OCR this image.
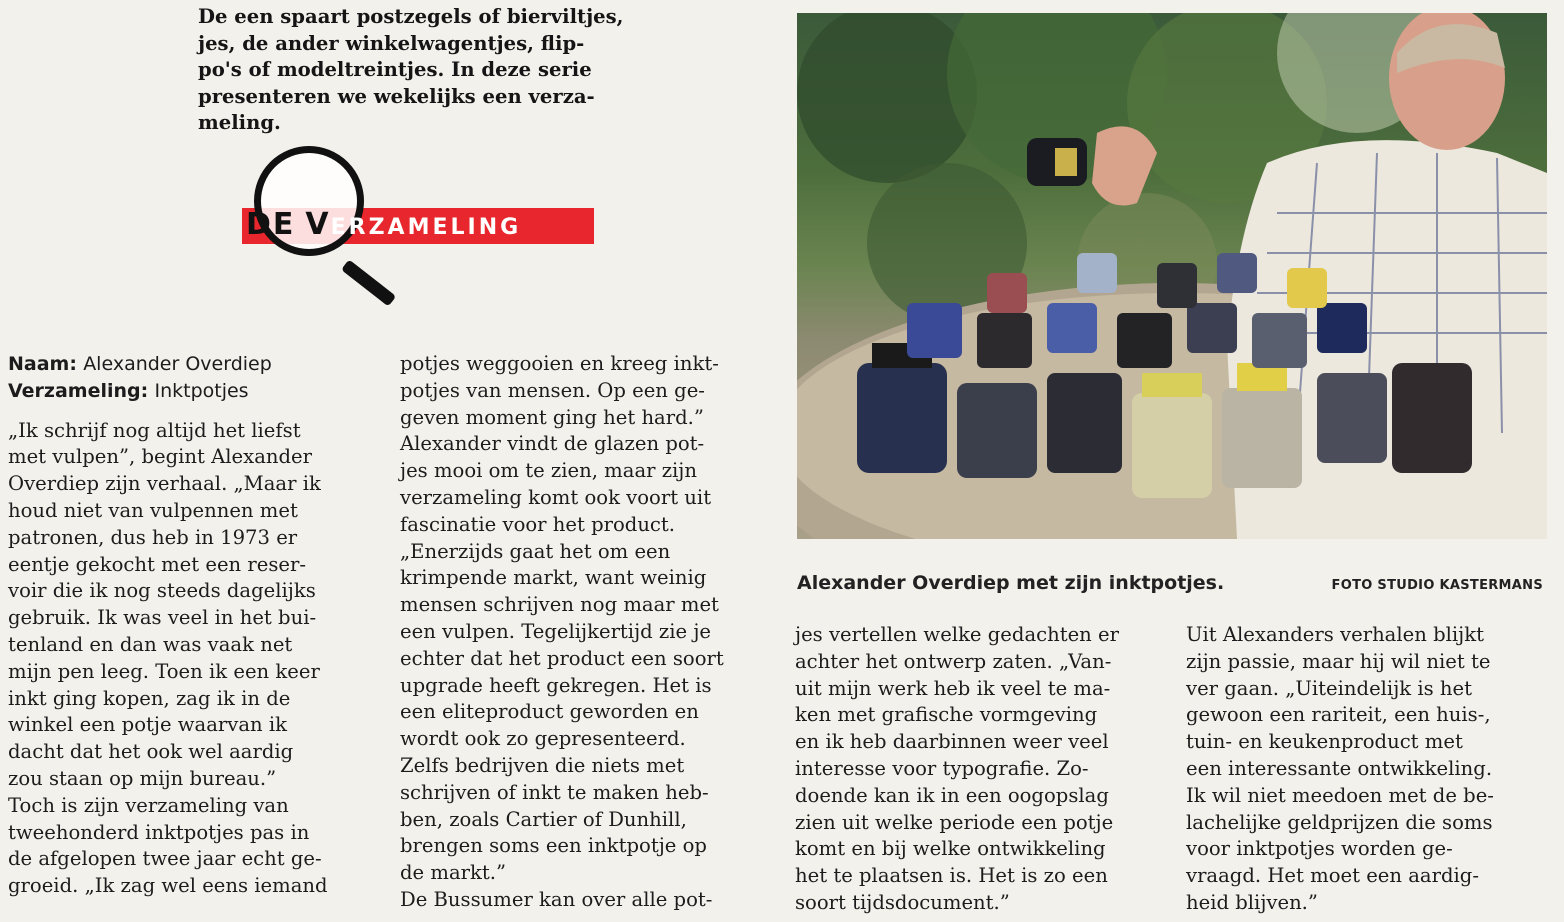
De een spaart postzegels of bierviltjes,
jes, de ander winkelwagentjes, flip-
po's of modeltreintjes. In deze serie
presenteren we wekelijks een verza-
meling.
DE VERZAMELING
Alexander Overdiep met zijn inktpotjes.	FOTO STUDIO KASTERMANS
Naam: Alexander Overdiep
Verzameling: Inktpotjes
„Ik schrijf nog altijd het liefst
met vulpen”, begint Alexander
Overdiep zijn verhaal. „Maar ik
houd niet van vulpennen met
patronen, dus heb in 1973 er
eentje gekocht met een reser-
voir die ik nog steeds dagelijks
gebruik. Ik was veel in het bui-
tenland en dan was vaak net
mijn pen leeg. Toen ik een keer
inkt ging kopen, zag ik in de
winkel een potje waarvan ik
dacht dat het ook wel aardig
zou staan op mijn bureau.”
Toch is zijn verzameling van
tweehonderd inktpotjes pas in
de afgelopen twee jaar echt ge-
groeid. „Ik zag wel eens iemand
potjes weggooien en kreeg inkt-
potjes van mensen. Op een ge-
geven moment ging het hard.”
Alexander vindt de glazen pot-
jes mooi om te zien, maar zijn
verzameling komt ook voort uit
fascinatie voor het product.
„Enerzijds gaat het om een
krimpende markt, want weinig
mensen schrijven nog maar met
een vulpen. Tegelijkertijd zie je
echter dat het product een soort
upgrade heeft gekregen. Het is
een eliteproduct geworden en
wordt ook zo gepresenteerd.
Zelfs bedrijven die niets met
schrijven of inkt te maken heb-
ben, zoals Cartier of Dunhill,
brengen soms een inktpotje op
de markt.”
De Bussumer kan over alle pot-
jes vertellen welke gedachten er
achter het ontwerp zaten. „Van-
uit mijn werk heb ik veel te ma-
ken met grafische vormgeving
en ik heb daarbinnen weer veel
interesse voor typografie. Zo-
doende kan ik in een oogopslag
zien uit welke periode een potje
komt en bij welke ontwikkeling
het te plaatsen is. Het is zo een
soort tijdsdocument.”
Uit Alexanders verhalen blijkt
zijn passie, maar hij wil niet te
ver gaan. „Uiteindelijk is het
gewoon een rariteit, een huis-,
tuin- en keukenproduct met
een interessante ontwikkeling.
Ik wil niet meedoen met de be-
lachelijke geldprijzen die soms
voor inktpotjes worden ge-
vraagd. Het moet een aardig-
heid blijven.”
